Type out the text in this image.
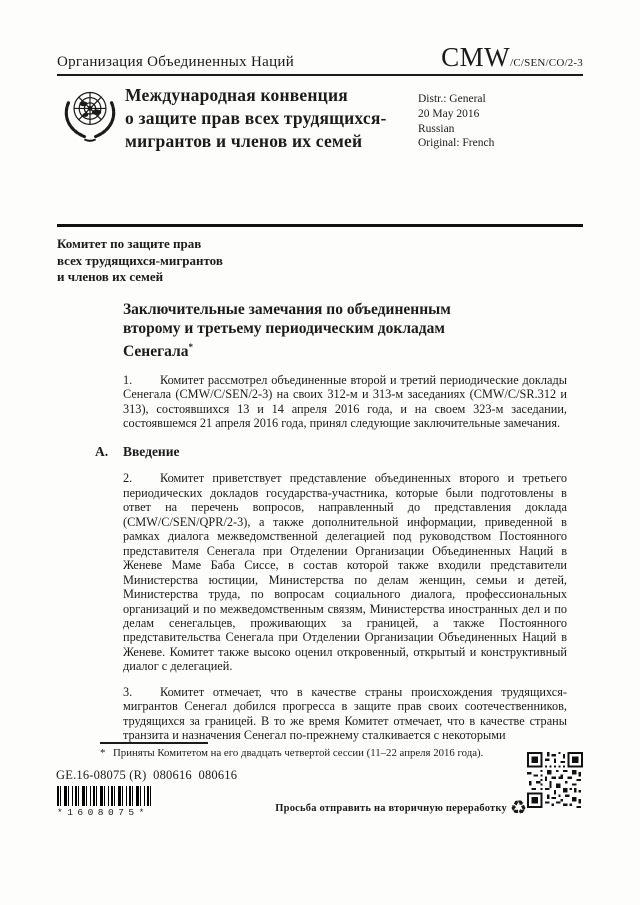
Организация Объединенных Наций	CMW/C/SEN/CO/2-3
Международная конвенция
о защите прав всех трудящихся-
мигрантов и членов их семей
Distr.: General
20 May 2016
Russian
Original: French
Комитет по защите прав
всех трудящихся-мигрантов
и членов их семей
Заключительные замечания по объединенным
второму и третьему периодическим докладам
Сенегала*

1. Комитет рассмотрел объединенные второй и третий периодические доклады Сенегала (CMW/C/SEN/2-3) на своих 312-м и 313-м заседаниях (CMW/C/SR.312 и 313), состоявшихся 13 и 14 апреля 2016 года, и на своем 323-м заседании, состоявшемся 21 апреля 2016 года, принял следующие заключительные замечания.

A. Введение

2. Комитет приветствует представление объединенных второго и третьего периодических докладов государства-участника, которые были подготовлены в ответ на перечень вопросов, направленный до представления доклада (CMW/C/SEN/QPR/2-3), а также дополнительной информации, приведенной в рамках диалога межведомственной делегацией под руководством Постоянного представителя Сенегала при Отделении Организации Объединенных Наций в Женеве Маме Баба Сиссе, в состав которой также входили представители Министерства юстиции, Министерства по делам женщин, семьи и детей, Министерства труда, по вопросам социального диалога, профессиональных организаций и по межведомственным связям, Министерства иностранных дел и по делам сенегальцев, проживающих за границей, а также Постоянного представительства Сенегала при Отделении Организации Объединенных Наций в Женеве. Комитет также высоко оценил откровенный, открытый и конструктивный диалог с делегацией.

3. Комитет отмечает, что в качестве страны происхождения трудящихся-мигрантов Сенегал добился прогресса в защите прав своих соотечественников, трудящихся за границей. В то же время Комитет отмечает, что в качестве страны транзита и назначения Сенегал по-прежнему сталкивается с некоторыми

* Приняты Комитетом на его двадцать четвертой сессии (11–22 апреля 2016 года).
GE.16-08075 (R)  080616  080616
*1608075*	Просьба отправить на вторичную переработку ♻
